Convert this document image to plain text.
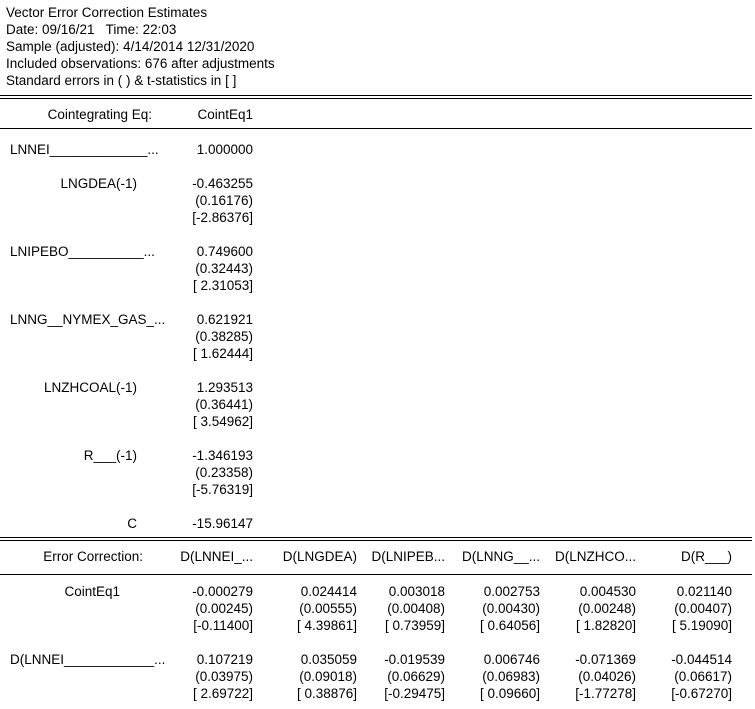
Vector Error Correction Estimates
Date: 09/16/21   Time: 22:03
Sample (adjusted): 4/14/2014 12/31/2020
Included observations: 676 after adjustments
Standard errors in ( ) & t-statistics in [ ]
Cointegrating Eq:	CointEq1
LNNEI_____________...	1.000000
LNGDEA(-1)	-0.463255
(0.16176)
[-2.86376]
LNIPEBO__________...	0.749600
(0.32443)
[ 2.31053]
LNNG__NYMEX_GAS_...	0.621921
(0.38285)
[ 1.62444]
LNZHCOAL(-1)	1.293513
(0.36441)
[ 3.54962]
R___(-1)	-1.346193
(0.23358)
[-5.76319]
C	-15.96147
Error Correction:	D(LNNEI_...	D(LNGDEA)	D(LNIPEB...	D(LNNG__...	D(LNZHCO...	D(R___)
CointEq1	-0.000279	0.024414	0.003018	0.002753	0.004530	0.021140
(0.00245)	(0.00555)	(0.00408)	(0.00430)	(0.00248)	(0.00407)
[-0.11400]	[ 4.39861]	[ 0.73959]	[ 0.64056]	[ 1.82820]	[ 5.19090]
D(LNNEI____________...	0.107219	0.035059	-0.019539	0.006746	-0.071369	-0.044514
(0.03975)	(0.09018)	(0.06629)	(0.06983)	(0.04026)	(0.06617)
[ 2.69722]	[ 0.38876]	[-0.29475]	[ 0.09660]	[-1.77278]	[-0.67270]
